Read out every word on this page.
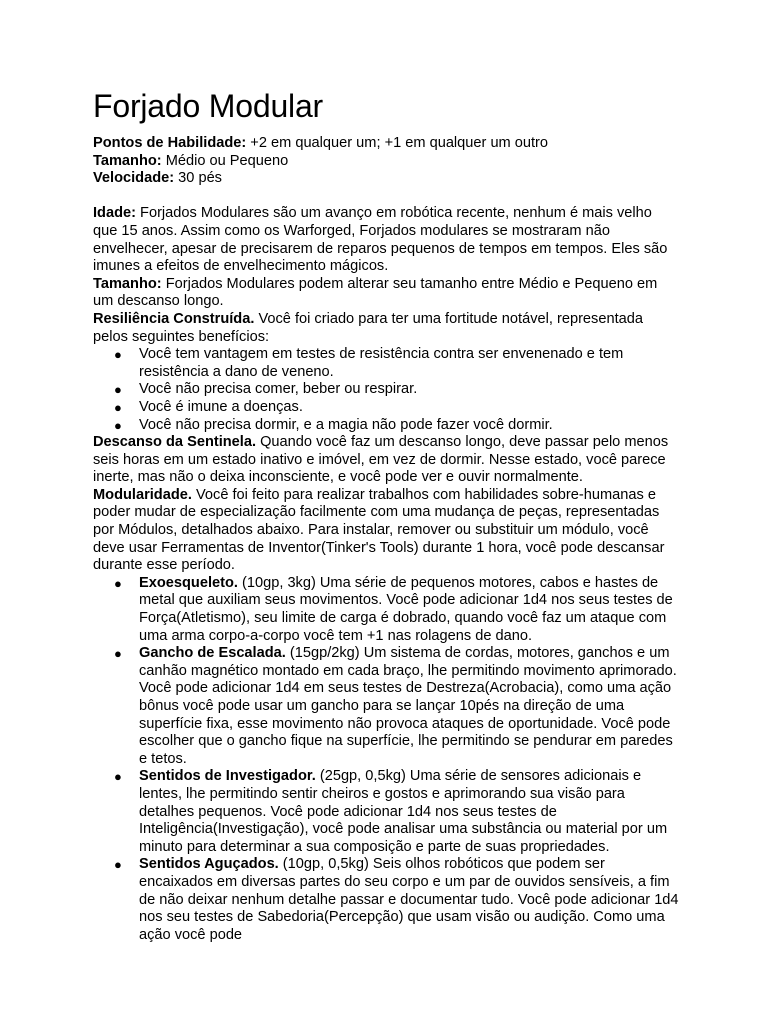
Forjado Modular

Pontos de Habilidade: +2 em qualquer um; +1 em qualquer um outro

Tamanho: Médio ou Pequeno

Velocidade: 30 pés

Idade: Forjados Modulares são um avanço em robótica recente, nenhum é mais velho que 15 anos. Assim como os Warforged, Forjados modulares se mostraram não envelhecer, apesar de precisarem de reparos pequenos de tempos em tempos. Eles são imunes a efeitos de envelhecimento mágicos.

Tamanho: Forjados Modulares podem alterar seu tamanho entre Médio e Pequeno em um descanso longo.

Resiliência Construída. Você foi criado para ter uma fortitude notável, representada pelos seguintes benefícios:

● Você tem vantagem em testes de resistência contra ser envenenado e tem resistência a dano de veneno.
● Você não precisa comer, beber ou respirar.
● Você é imune a doenças.
● Você não precisa dormir, e a magia não pode fazer você dormir.

Descanso da Sentinela. Quando você faz um descanso longo, deve passar pelo menos seis horas em um estado inativo e imóvel, em vez de dormir. Nesse estado, você parece inerte, mas não o deixa inconsciente, e você pode ver e ouvir normalmente.

Modularidade. Você foi feito para realizar trabalhos com habilidades sobre-humanas e poder mudar de especialização facilmente com uma mudança de peças, representadas por Módulos, detalhados abaixo. Para instalar, remover ou substituir um módulo, você deve usar Ferramentas de Inventor(Tinker's Tools) durante 1 hora, você pode descansar durante esse período.

● Exoesqueleto. (10gp, 3kg) Uma série de pequenos motores, cabos e hastes de metal que auxiliam seus movimentos. Você pode adicionar 1d4 nos seus testes de Força(Atletismo), seu limite de carga é dobrado, quando você faz um ataque com uma arma corpo-a-corpo você tem +1 nas rolagens de dano.
● Gancho de Escalada. (15gp/2kg) Um sistema de cordas, motores, ganchos e um canhão magnético montado em cada braço, lhe permitindo movimento aprimorado. Você pode adicionar 1d4 em seus testes de Destreza(Acrobacia), como uma ação bônus você pode usar um gancho para se lançar 10pés na direção de uma superfície fixa, esse movimento não provoca ataques de oportunidade. Você pode escolher que o gancho fique na superfície, lhe permitindo se pendurar em paredes e tetos.
● Sentidos de Investigador. (25gp, 0,5kg) Uma série de sensores adicionais e lentes, lhe permitindo sentir cheiros e gostos e aprimorando sua visão para detalhes pequenos. Você pode adicionar 1d4 nos seus testes de Inteligência(Investigação), você pode analisar uma substância ou material por um minuto para determinar a sua composição e parte de suas propriedades.
● Sentidos Aguçados. (10gp, 0,5kg) Seis olhos robóticos que podem ser encaixados em diversas partes do seu corpo e um par de ouvidos sensíveis, a fim de não deixar nenhum detalhe passar e documentar tudo. Você pode adicionar 1d4 nos seu testes de Sabedoria(Percepção) que usam visão ou audição. Como uma ação você pode
